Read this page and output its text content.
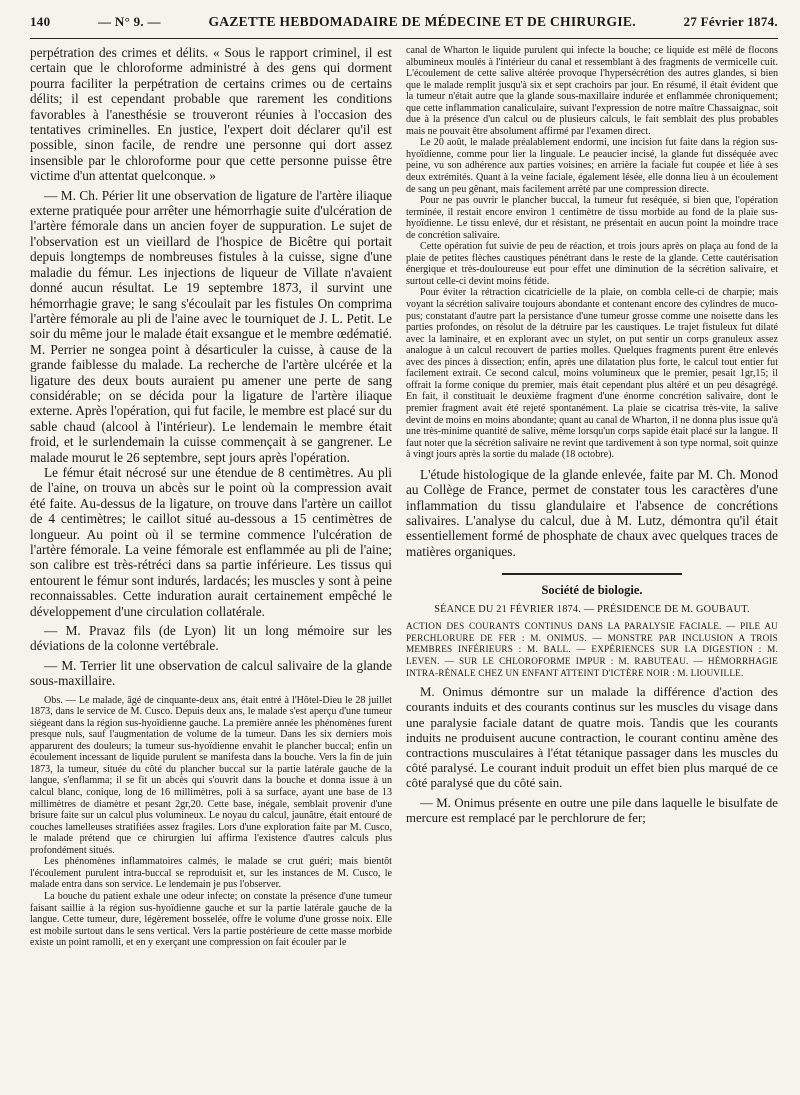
140	— N° 9. —	GAZETTE HEBDOMADAIRE DE MÉDECINE ET DE CHIRURGIE.	27 Février 1874.

perpétration des crimes et délits. « Sous le rapport criminel, il est certain que le chloroforme administré à des gens qui dorment pourra faciliter la perpétration de certains crimes ou de certains délits; il est cependant probable que rarement les conditions favorables à l'anesthésie se trouveront réunies à l'occasion des tentatives criminelles. En justice, l'expert doit déclarer qu'il est possible, sinon facile, de rendre une personne qui dort assez insensible par le chloroforme pour que cette personne puisse être victime d'un attentat quelconque. »

— M. Ch. Périer lit une observation de ligature de l'artère iliaque externe pratiquée pour arrêter une hémorrhagie suite d'ulcération de l'artère fémorale dans un ancien foyer de suppuration. Le sujet de l'observation est un vieillard de l'hospice de Bicêtre qui portait depuis longtemps de nombreuses fistules à la cuisse, signe d'une maladie du fémur. Les injections de liqueur de Villate n'avaient donné aucun résultat. Le 19 septembre 1873, il survint une hémorrhagie grave; le sang s'écoulait par les fistules On comprima l'artère fémorale au pli de l'aine avec le tourniquet de J. L. Petit. Le soir du même jour le malade était exsangue et le membre œdématié. M. Perrier ne songea point à désarticuler la cuisse, à cause de la grande faiblesse du malade. La recherche de l'artère ulcérée et la ligature des deux bouts auraient pu amener une perte de sang considérable; on se décida pour la ligature de l'artère iliaque externe. Après l'opération, qui fut facile, le membre est placé sur du sable chaud (alcool à l'intérieur). Le lendemain le membre était froid, et le surlendemain la cuisse commençait à se gangrener. Le malade mourut le 26 septembre, sept jours après l'opération.

Le fémur était nécrosé sur une étendue de 8 centimètres. Au pli de l'aine, on trouva un abcès sur le point où la compression avait été faite. Au-dessus de la ligature, on trouve dans l'artère un caillot de 4 centimètres; le caillot situé au-dessous a 15 centimètres de longueur. Au point où il se termine commence l'ulcération de l'artère fémorale. La veine fémorale est enflammée au pli de l'aine; son calibre est très-rétréci dans sa partie inférieure. Les tissus qui entourent le fémur sont indurés, lardacés; les muscles y sont à peine reconnaissables. Cette induration aurait certainement empêché le développement d'une circulation collatérale.

— M. Pravaz fils (de Lyon) lit un long mémoire sur les déviations de la colonne vertébrale.

— M. Terrier lit une observation de calcul salivaire de la glande sous-maxillaire.

Obs. — Le malade, âgé de cinquante-deux ans, était entré à l'Hôtel-Dieu le 28 juillet 1873, dans le service de M. Cusco. Depuis deux ans, le malade s'est aperçu d'une tumeur siégeant dans la région sus-hyoïdienne gauche. La première année les phénomènes furent presque nuls, sauf l'augmentation de volume de la tumeur. Dans les six derniers mois apparurent des douleurs; la tumeur sus-hyoïdienne envahit le plancher buccal; enfin un écoulement incessant de liquide purulent se manifesta dans la bouche. Vers la fin de juin 1873, la tumeur, située du côté du plancher buccal sur la partie latérale gauche de la langue, s'enflamma; il se fit un abcès qui s'ouvrit dans la bouche et donna issue à un calcul blanc, conique, long de 16 millimètres, poli à sa surface, ayant une base de 13 millimètres de diamètre et pesant 2gr,20. Cette base, inégale, semblait provenir d'une brisure faite sur un calcul plus volumineux. Le noyau du calcul, jaunâtre, était entouré de couches lamelleuses stratifiées assez fragiles. Lors d'une exploration faite par M. Cusco, le malade prétend que ce chirurgien lui affirma l'existence d'autres calculs plus profondément situés.

Les phénomènes inflammatoires calmés, le malade se crut guéri; mais bientôt l'écoulement purulent intra-buccal se reproduisit et, sur les instances de M. Cusco, le malade entra dans son service. Le lendemain je pus l'observer.

La bouche du patient exhale une odeur infecte; on constate la présence d'une tumeur faisant saillie à la région sus-hyoïdienne gauche et sur la partie latérale gauche de la langue. Cette tumeur, dure, légèrement bosselée, offre le volume d'une grosse noix. Elle est mobile surtout dans le sens vertical. Vers la partie postérieure de cette masse morbide existe un point ramolli, et en y exerçant une compression on fait écouler par le

canal de Wharton le liquide purulent qui infecte la bouche; ce liquide est mêlé de flocons albumineux moulés à l'intérieur du canal et ressemblant à des fragments de vermicelle cuit. L'écoulement de cette salive altérée provoque l'hypersécrétion des autres glandes, si bien que le malade remplit jusqu'à six et sept crachoirs par jour. En résumé, il était évident que la tumeur n'était autre que la glande sous-maxillaire indurée et enflammée chroniquement; que cette inflammation canaliculaire, suivant l'expression de notre maître Chassaignac, soit due à la présence d'un calcul ou de plusieurs calculs, le fait semblait des plus probables mais ne pouvait être absolument affirmé par l'examen direct.

Le 20 août, le malade préalablement endormi, une incision fut faite dans la région sus-hyoïdienne, comme pour lier la linguale. Le peaucier incisé, la glande fut disséquée avec peine, vu son adhérence aux parties voisines; en arrière la faciale fut coupée et liée à ses deux extrémités. Quant à la veine faciale, également lésée, elle donna lieu à un écoulement de sang un peu gênant, mais facilement arrêté par une compression directe.

Pour ne pas ouvrir le plancher buccal, la tumeur fut reséquée, si bien que, l'opération terminée, il restait encore environ 1 centimètre de tissu morbide au fond de la plaie sus-hyoïdienne. Le tissu enlevé, dur et résistant, ne présentait en aucun point la moindre trace de concrétion salivaire.

Cette opération fut suivie de peu de réaction, et trois jours après on plaça au fond de la plaie de petites flèches caustiques pénétrant dans le reste de la glande. Cette cautérisation énergique et très-douloureuse eut pour effet une diminution de la sécrétion salivaire, et surtout celle-ci devint moins fétide.

Pour éviter la rétraction cicatricielle de la plaie, on combla celle-ci de charpie; mais voyant la sécrétion salivaire toujours abondante et contenant encore des cylindres de muco-pus; constatant d'autre part la persistance d'une tumeur grosse comme une noisette dans les parties profondes, on résolut de la détruire par les caustiques. Le trajet fistuleux fut dilaté avec la laminaire, et en explorant avec un stylet, on put sentir un corps granuleux assez analogue à un calcul recouvert de parties molles. Quelques fragments purent être enlevés avec des pinces à dissection; enfin, après une dilatation plus forte, le calcul tout entier fut facilement extrait. Ce second calcul, moins volumineux que le premier, pesait 1gr,15; il offrait la forme conique du premier, mais était cependant plus altéré et un peu désagrégé. En fait, il constituait le deuxième fragment d'une énorme concrétion salivaire, dont le premier fragment avait été rejeté spontanément. La plaie se cicatrisa très-vite, la salive devint de moins en moins abondante; quant au canal de Wharton, il ne donna plus issue qu'à une très-minime quantité de salive, même lorsqu'un corps sapide était placé sur la langue. Il faut noter que la sécrétion salivaire ne revint que tardivement à son type normal, soit quinze à vingt jours après la sortie du malade (18 octobre).

L'étude histologique de la glande enlevée, faite par M. Ch. Monod au Collège de France, permet de constater tous les caractères d'une inflammation du tissu glandulaire et l'absence de concrétions salivaires. L'analyse du calcul, due à M. Lutz, démontra qu'il était essentiellement formé de phosphate de chaux avec quelques traces de matières organiques.

Société de biologie.
SÉANCE DU 21 FÉVRIER 1874. — PRÉSIDENCE DE M. GOUBAUT.

ACTION DES COURANTS CONTINUS DANS LA PARALYSIE FACIALE. — PILE AU PERCHLORURE DE FER : M. ONIMUS. — MONSTRE PAR INCLUSION A TROIS MEMBRES INFÉRIEURS : M. BALL. — EXPÉRIENCES SUR LA DIGESTION : M. LEVEN. — SUR LE CHLOROFORME IMPUR : M. RABUTEAU. — HÉMORRHAGIE INTRA-RÉNALE CHEZ UN ENFANT ATTEINT D'ICTÈRE NOIR : M. LIOUVILLE.

M. Onimus démontre sur un malade la différence d'action des courants induits et des courants continus sur les muscles du visage dans une paralysie faciale datant de quatre mois. Tandis que les courants induits ne produisent aucune contraction, le courant continu amène des contractions musculaires à l'état tétanique passager dans les muscles du côté paralysé. Le courant induit produit un effet bien plus marqué de ce côté paralysé que du côté sain.

— M. Onimus présente en outre une pile dans laquelle le bisulfate de mercure est remplacé par le perchlorure de fer;
